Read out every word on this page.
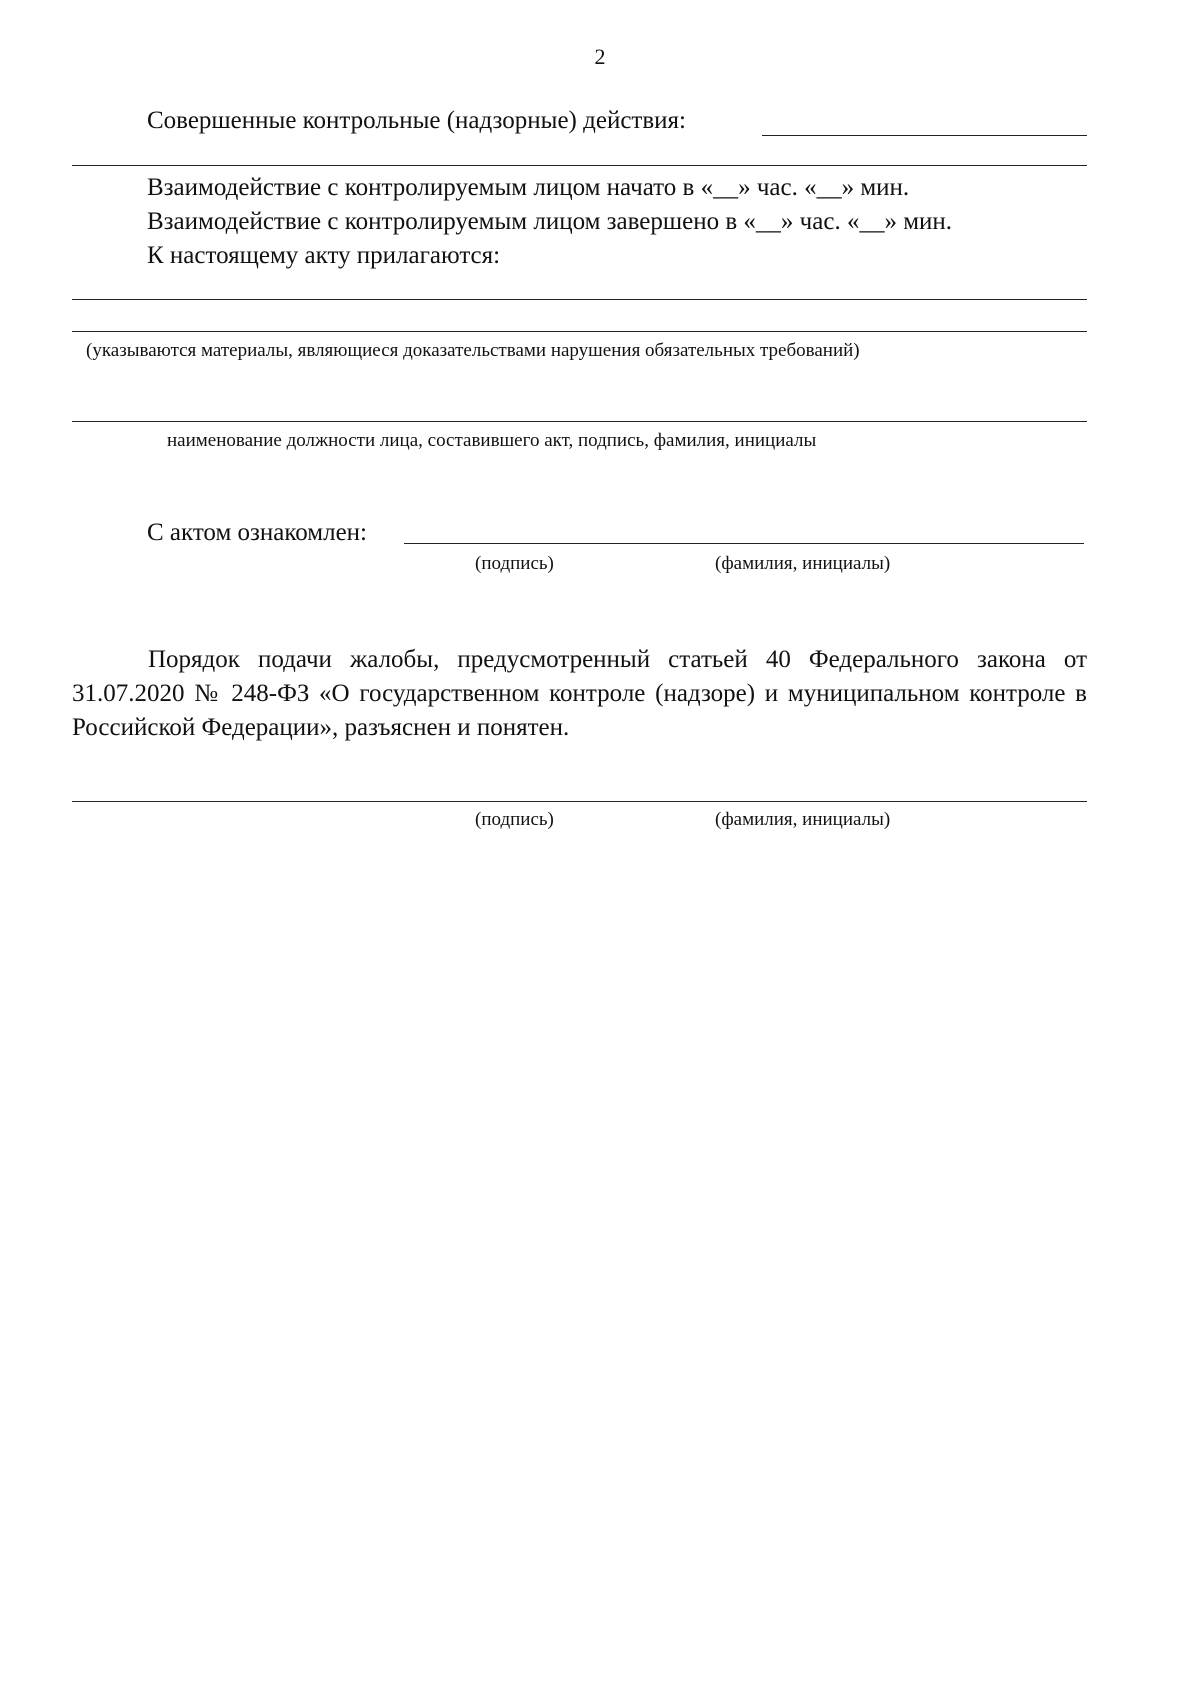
2
Совершенные контрольные (надзорные) действия:
Взаимодействие с контролируемым лицом начато в «__» час. «__» мин.
Взаимодействие с контролируемым лицом завершено в «__» час. «__» мин.
К настоящему акту прилагаются:
(указываются материалы, являющиеся доказательствами нарушения обязательных требований)
наименование должности лица, составившего акт, подпись, фамилия, инициалы
С актом ознакомлен:
(подпись)	(фамилия, инициалы)
Порядок подачи жалобы, предусмотренный статьей 40 Федерального закона от 31.07.2020 № 248-ФЗ «О государственном контроле (надзоре) и муниципальном контроле в Российской Федерации», разъяснен и понятен.
(подпись)	(фамилия, инициалы)
